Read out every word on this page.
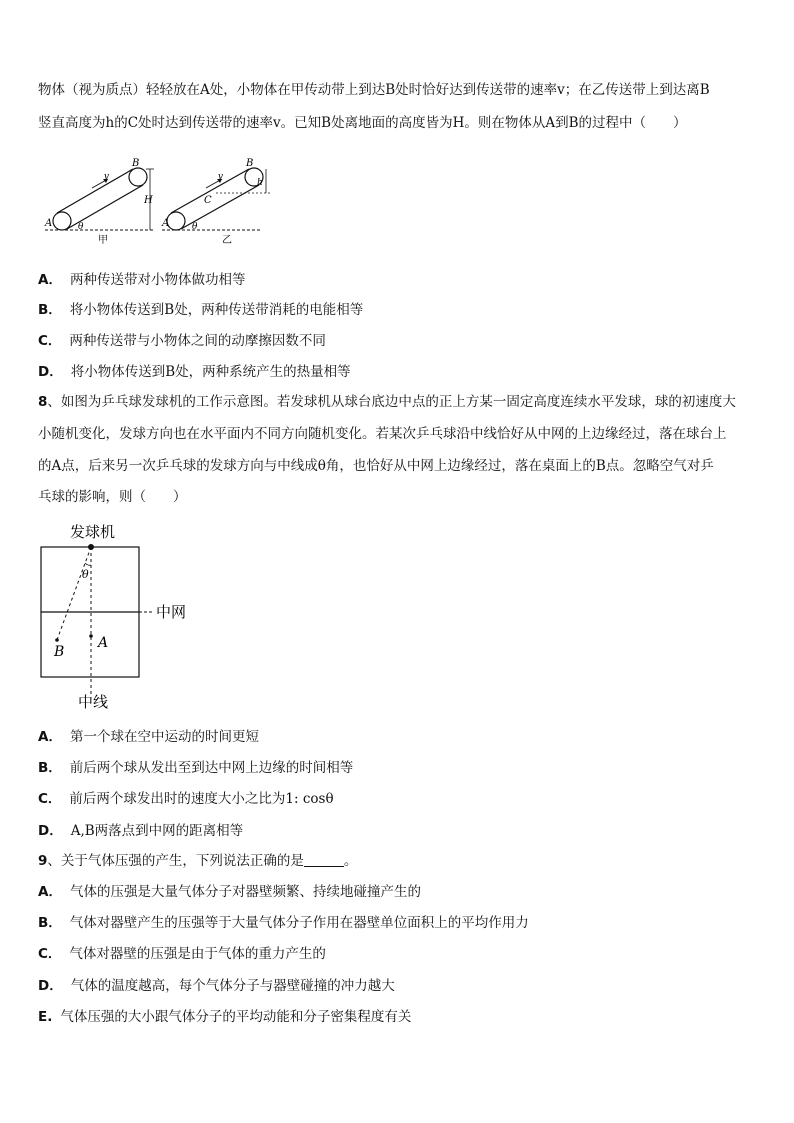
物体（视为质点）轻轻放在A处，小物体在甲传动带上到达B处时恰好达到传送带的速率v；在乙传送带上到达离B
竖直高度为h的C处时达到传送带的速率v。已知B处离地面的高度皆为H。则在物体从A到B的过程中（　　）
v
B
A	θ
H
甲
v
B
C
A	θ
h
乙
A． 两种传送带对小物体做功相等
B． 将小物体传送到B处，两种传送带消耗的电能相等
C． 两种传送带与小物体之间的动摩擦因数不同
D． 将小物体传送到B处，两种系统产生的热量相等
8、如图为乒乓球发球机的工作示意图。若发球机从球台底边中点的正上方某一固定高度连续水平发球，球的初速度大
小随机变化，发球方向也在水平面内不同方向随机变化。若某次乒乓球沿中线恰好从中网的上边缘经过，落在球台上
的A点，后来另一次乒乓球的发球方向与中线成θ角，也恰好从中网上边缘经过，落在桌面上的B点。忽略空气对乒
乓球的影响，则（　　）
发球机
θ
中网
A
B
中线
A． 第一个球在空中运动的时间更短
B． 前后两个球从发出至到达中网上边缘的时间相等
C． 前后两个球发出时的速度大小之比为1: cosθ
D． A,B两落点到中网的距离相等
9、关于气体压强的产生，下列说法正确的是	。
A． 气体的压强是大量气体分子对器壁频繁、持续地碰撞产生的
B． 气体对器壁产生的压强等于大量气体分子作用在器壁单位面积上的平均作用力
C． 气体对器壁的压强是由于气体的重力产生的
D． 气体的温度越高，每个气体分子与器壁碰撞的冲力越大
E. 气体压强的大小跟气体分子的平均动能和分子密集程度有关
